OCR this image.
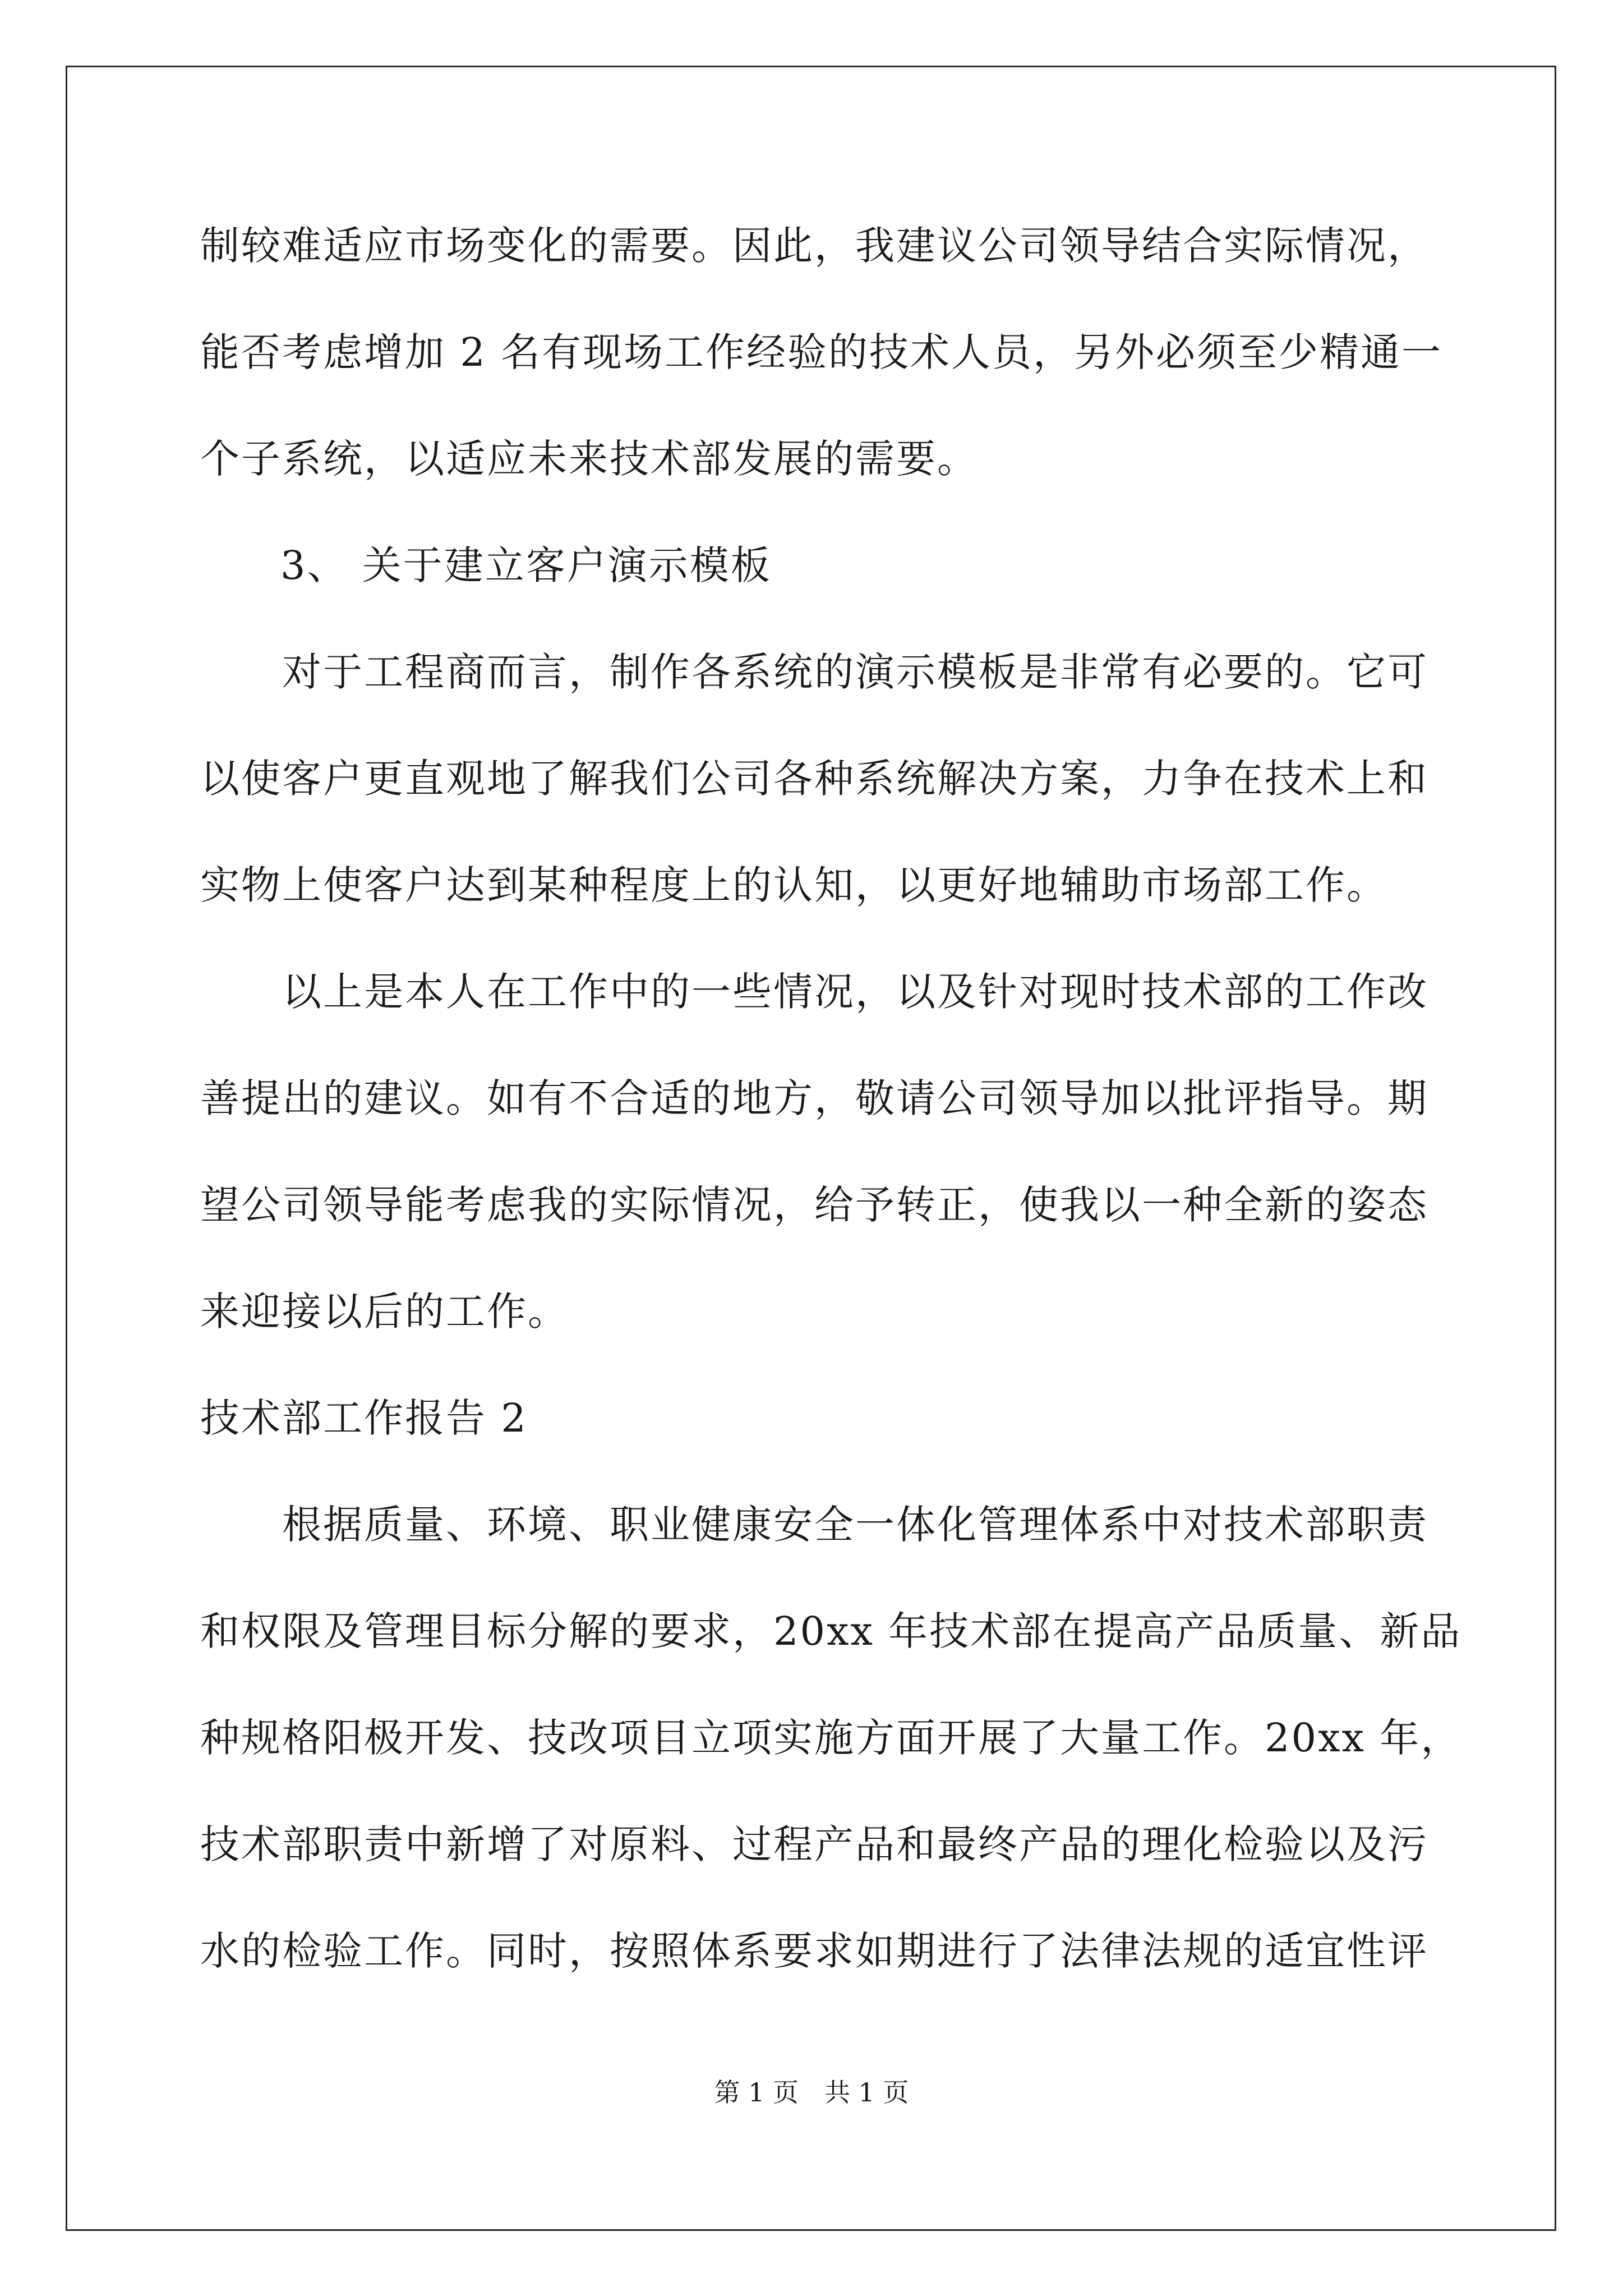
制较难适应市场变化的需要。因此，我建议公司领导结合实际情况，
能否考虑增加 2 名有现场工作经验的技术人员，另外必须至少精通一
个子系统，以适应未来技术部发展的需要。
3、 关于建立客户演示模板
对于工程商而言，制作各系统的演示模板是非常有必要的。它可
以使客户更直观地了解我们公司各种系统解决方案，力争在技术上和
实物上使客户达到某种程度上的认知，以更好地辅助市场部工作。
以上是本人在工作中的一些情况，以及针对现时技术部的工作改
善提出的建议。如有不合适的地方，敬请公司领导加以批评指导。期
望公司领导能考虑我的实际情况，给予转正，使我以一种全新的姿态
来迎接以后的工作。
技术部工作报告 2
根据质量、环境、职业健康安全一体化管理体系中对技术部职责
和权限及管理目标分解的要求，20xx 年技术部在提高产品质量、新品
种规格阳极开发、技改项目立项实施方面开展了大量工作。20xx 年，
技术部职责中新增了对原料、过程产品和最终产品的理化检验以及污
水的检验工作。同时，按照体系要求如期进行了法律法规的适宜性评
第 1 页　共 1 页
